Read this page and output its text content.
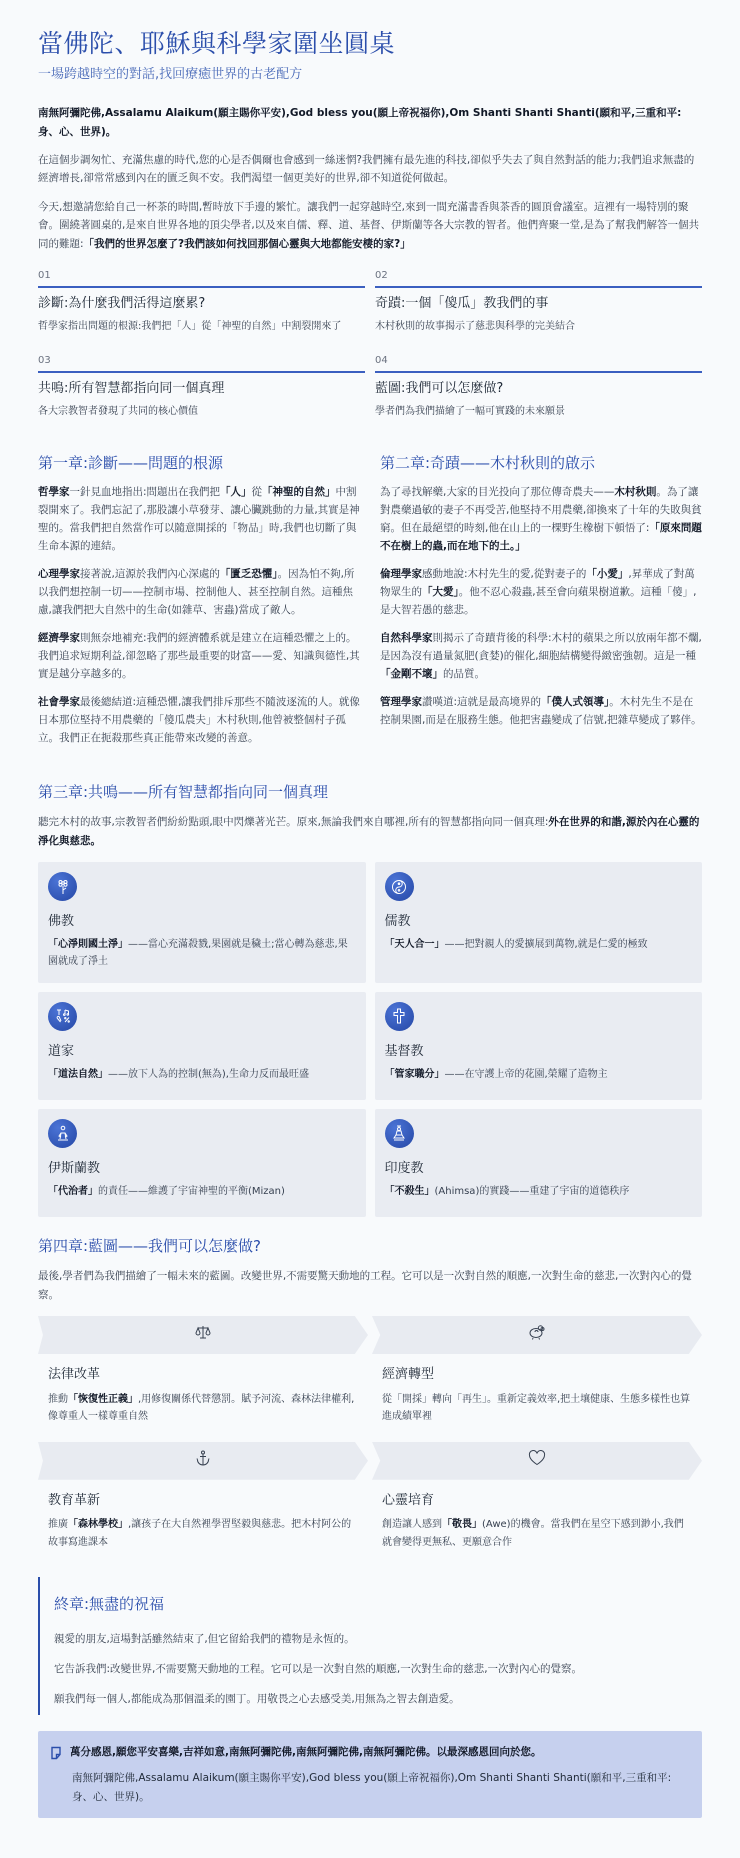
當佛陀、耶穌與科學家圍坐圓桌
一場跨越時空的對話,找回療癒世界的古老配方
南無阿彌陀佛,Assalamu Alaikum(願主賜你平安),God bless you(願上帝祝福你),Om Shanti Shanti Shanti(願和平,三重和平:身、心、世界)。

在這個步調匆忙、充滿焦慮的時代,您的心是否偶爾也會感到一絲迷惘?我們擁有最先進的科技,卻似乎失去了與自然對話的能力;我們追求無盡的經濟增長,卻常常感到內在的匱乏與不安。我們渴望一個更美好的世界,卻不知道從何做起。

今天,想邀請您給自己一杯茶的時間,暫時放下手邊的繁忙。讓我們一起穿越時空,來到一間充滿書香與茶香的圓頂會議室。這裡有一場特別的聚會。圍繞著圓桌的,是來自世界各地的頂尖學者,以及來自儒、釋、道、基督、伊斯蘭等各大宗教的智者。他們齊聚一堂,是為了幫我們解答一個共同的難題:「我們的世界怎麼了?我們該如何找回那個心靈與大地都能安棲的家?」

01
診斷:為什麼我們活得這麼累?
哲學家指出問題的根源:我們把「人」從「神聖的自然」中割裂開來了
02
奇蹟:一個「傻瓜」教我們的事
木村秋則的故事揭示了慈悲與科學的完美結合
03
共鳴:所有智慧都指向同一個真理
各大宗教智者發現了共同的核心價值
04
藍圖:我們可以怎麼做?
學者們為我們描繪了一幅可實踐的未來願景
第一章:診斷——問題的根源

哲學家一針見血地指出:問題出在我們把「人」從「神聖的自然」中割裂開來了。我們忘記了,那股讓小草發芽、讓心臟跳動的力量,其實是神聖的。當我們把自然當作可以隨意開採的「物品」時,我們也切斷了與生命本源的連結。

心理學家接著說,這源於我們內心深處的「匱乏恐懼」。因為怕不夠,所以我們想控制一切——控制市場、控制他人、甚至控制自然。這種焦慮,讓我們把大自然中的生命(如雜草、害蟲)當成了敵人。

經濟學家則無奈地補充:我們的經濟體系就是建立在這種恐懼之上的。我們追求短期利益,卻忽略了那些最重要的財富——愛、知識與德性,其實是越分享越多的。

社會學家最後總結道:這種恐懼,讓我們排斥那些不隨波逐流的人。就像日本那位堅持不用農藥的「傻瓜農夫」木村秋則,他曾被整個村子孤立。我們正在扼殺那些真正能帶來改變的善意。

第二章:奇蹟——木村秋則的啟示

為了尋找解藥,大家的目光投向了那位傳奇農夫——木村秋則。為了讓對農藥過敏的妻子不再受苦,他堅持不用農藥,卻換來了十年的失敗與貧窮。但在最絕望的時刻,他在山上的一棵野生橡樹下頓悟了:「原來問題不在樹上的蟲,而在地下的土。」

倫理學家感動地說:木村先生的愛,從對妻子的「小愛」,昇華成了對萬物眾生的「大愛」。他不忍心殺蟲,甚至會向蘋果樹道歉。這種「傻」,是大智若愚的慈悲。

自然科學家則揭示了奇蹟背後的科學:木村的蘋果之所以放兩年都不爛,是因為沒有過量氮肥(貪婪)的催化,細胞結構變得緻密強韌。這是一種「金剛不壞」的品質。

管理學家讚嘆道:這就是最高境界的「僕人式領導」。木村先生不是在控制果園,而是在服務生態。他把害蟲變成了信號,把雜草變成了夥伴。

第三章:共鳴——所有智慧都指向同一個真理

聽完木村的故事,宗教智者們紛紛點頭,眼中閃爍著光芒。原來,無論我們來自哪裡,所有的智慧都指向同一個真理:外在世界的和諧,源於內在心靈的淨化與慈悲。

佛教
「心淨則國土淨」——當心充滿殺戮,果園就是穢土;當心轉為慈悲,果園就成了淨土
儒教
「天人合一」——把對親人的愛擴展到萬物,就是仁愛的極致
道家
「道法自然」——放下人為的控制(無為),生命力反而最旺盛
基督教
「管家職分」——在守護上帝的花園,榮耀了造物主
伊斯蘭教
「代治者」的責任——維護了宇宙神聖的平衡(Mizan)
印度教
「不殺生」(Ahimsa)的實踐——重建了宇宙的道德秩序
第四章:藍圖——我們可以怎麼做?

最後,學者們為我們描繪了一幅未來的藍圖。改變世界,不需要驚天動地的工程。它可以是一次對自然的順應,一次對生命的慈悲,一次對內心的覺察。

法律改革
推動「恢復性正義」,用修復關係代替懲罰。賦予河流、森林法律權利,像尊重人一樣尊重自然
經濟轉型
從「開採」轉向「再生」。重新定義效率,把土壤健康、生態多樣性也算進成績單裡
教育革新
推廣「森林學校」,讓孩子在大自然裡學習堅毅與慈悲。把木村阿公的故事寫進課本
心靈培育
創造讓人感到「敬畏」(Awe)的機會。當我們在星空下感到渺小,我們就會變得更無私、更願意合作
終章:無盡的祝福

親愛的朋友,這場對話雖然結束了,但它留給我們的禮物是永恆的。

它告訴我們:改變世界,不需要驚天動地的工程。它可以是一次對自然的順應,一次對生命的慈悲,一次對內心的覺察。

願我們每一個人,都能成為那個溫柔的園丁。用敬畏之心去感受美,用無為之智去創造愛。

萬分感恩,願您平安喜樂,吉祥如意,南無阿彌陀佛,南無阿彌陀佛,南無阿彌陀佛。以最深感恩回向於您。
南無阿彌陀佛,Assalamu Alaikum(願主賜你平安),God bless you(願上帝祝福你),Om Shanti Shanti Shanti(願和平,三重和平:身、心、世界)。
